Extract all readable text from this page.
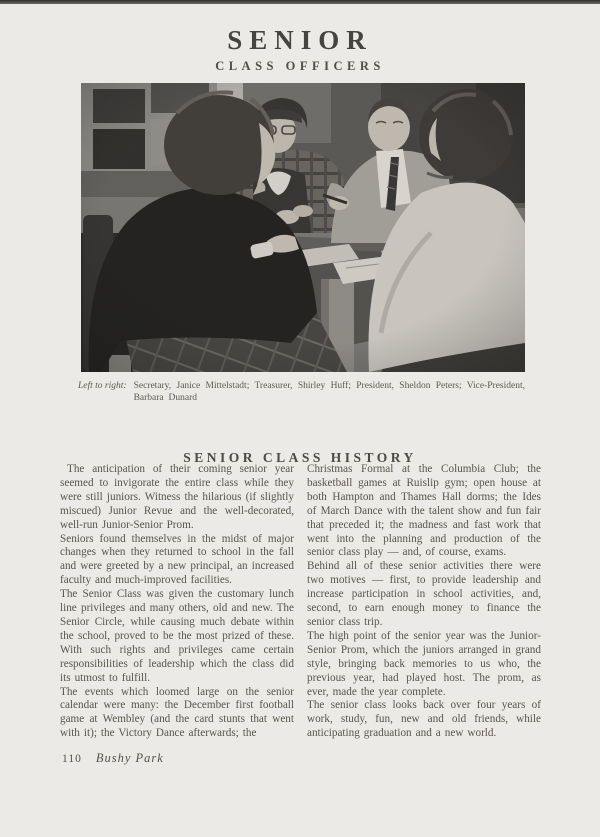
SENIOR
CLASS OFFICERS
Left to right: Secretary, Janice Mittelstadt; Treasurer, Shirley Huff; President, Sheldon Peters; Vice-President, Barbara Dunard
SENIOR CLASS HISTORY

The anticipation of their coming senior year seemed to invigorate the entire class while they were still juniors. Witness the hilarious (if slightly miscued) Junior Revue and the well-decorated, well-run Junior-Senior Prom.

Seniors found themselves in the midst of major changes when they returned to school in the fall and were greeted by a new principal, an increased faculty and much-improved facilities.

The Senior Class was given the customary lunch line privileges and many others, old and new. The Senior Circle, while causing much debate within the school, proved to be the most prized of these. With such rights and privileges came certain responsibilities of leadership which the class did its utmost to fulfill.

The events which loomed large on the senior calendar were many: the December first football game at Wembley (and the card stunts that went with it); the Victory Dance afterwards; the

Christmas Formal at the Columbia Club; the basketball games at Ruislip gym; open house at both Hampton and Thames Hall dorms; the Ides of March Dance with the talent show and fun fair that preceded it; the madness and fast work that went into the planning and production of the senior class play — and, of course, exams.

Behind all of these senior activities there were two motives — first, to provide leadership and increase participation in school activities, and, second, to earn enough money to finance the senior class trip.

The high point of the senior year was the Junior-Senior Prom, which the juniors arranged in grand style, bringing back memories to us who, the previous year, had played host. The prom, as ever, made the year complete.

The senior class looks back over four years of work, study, fun, new and old friends, while anticipating graduation and a new world.

110 Bushy Park
